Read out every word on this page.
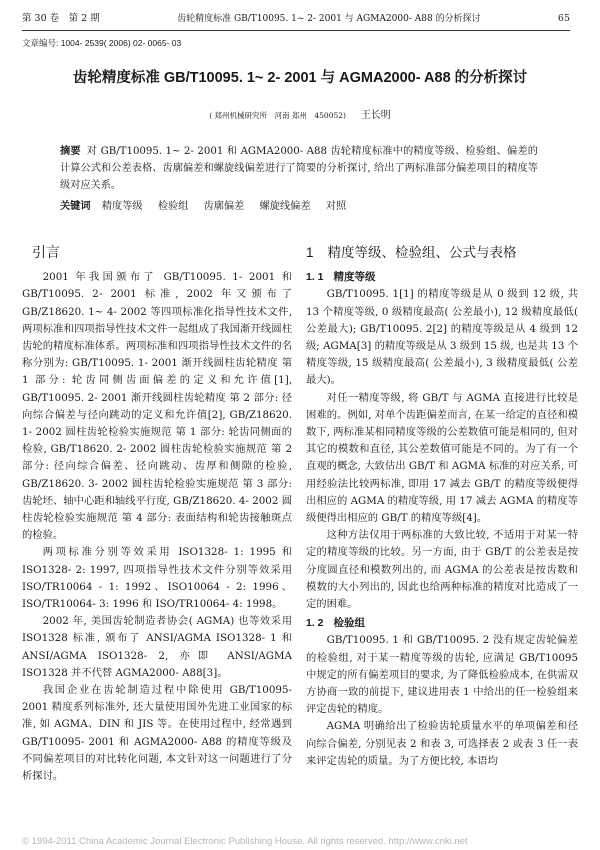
第 30 卷　第 2 期	齿轮精度标准 GB/T10095. 1~ 2- 2001 与 AGMA2000- A88 的分析探讨	65
文章编号: 1004- 2539( 2006) 02- 0065- 03
齿轮精度标准 GB/T10095. 1~ 2- 2001 与 AGMA2000- A88 的分析探讨
( 郑州机械研究所　河南 郑州　450052) 王长明
摘要 对 GB/T10095. 1~ 2- 2001 和 AGMA2000- A88 齿轮精度标准中的精度等级、检验组、偏差的计算公式和公差表格、齿廓偏差和螺旋线偏差进行了简要的分析探讨, 给出了两标准部分偏差项目的精度等级对应关系。
关键词 精度等级 检验组 齿廓偏差 螺旋线偏差 对照
引言

2001 年我国颁布了 GB/T10095. 1- 2001 和 GB/T10095. 2- 2001 标准, 2002 年又颁布了 GB/Z18620. 1~ 4- 2002 等四项标准化指导性技术文件, 两项标准和四项指导性技术文件一起组成了我国渐开线圆柱齿轮的精度标准体系。两项标准和四项指导性技术文件的名称分别为: GB/T10095. 1- 2001 渐开线圆柱齿轮精度 第 1 部分: 轮齿同侧齿面偏差的定义和允许值[1], GB/T10095. 2- 2001 渐开线圆柱齿轮精度 第 2 部分: 径向综合偏差与径向跳动的定义和允许值[2], GB/Z18620. 1- 2002 圆柱齿轮检验实施规范 第 1 部分: 轮齿同侧面的检验, GB/T18620. 2- 2002 圆柱齿轮检验实施规范 第 2 部分: 径向综合偏差、径向跳动、齿厚和侧隙的检验, GB/Z18620. 3- 2002 圆柱齿轮检验实施规范 第 3 部分: 齿轮坯、轴中心距和轴线平行度, GB/Z18620. 4- 2002 圆柱齿轮检验实施规范 第 4 部分: 表面结构和轮齿接触斑点的检验。

两项标准分别等效采用 ISO1328- 1: 1995 和 ISO1328- 2: 1997, 四项指导性技术文件分别等效采用 ISO/TR10064 - 1: 1992、ISO10064 - 2: 1996、ISO/TR10064- 3: 1996 和 ISO/TR10064- 4: 1998。

2002 年, 美国齿轮制造者协会( AGMA) 也等效采用 ISO1328 标准, 颁布了 ANSI/AGMA ISO1328- 1 和 ANSI/AGMA ISO1328- 2, 亦即 ANSI/AGMA ISO1328 并不代替 AGMA2000- A88[3]。

我国企业在齿轮制造过程中除使用 GB/T10095- 2001 精度系列标准外, 还大量使用国外先进工业国家的标准, 如 AGMA、DIN 和 JIS 等。在使用过程中, 经常遇到 GB/T10095- 2001 和 AGMA2000- A88 的精度等级及不同偏差项目的对比转化问题, 本文针对这一问题进行了分析探讨。

1 精度等级、检验组、公式与表格
1. 1 精度等级

GB/T10095. 1[1] 的精度等级是从 0 级到 12 级, 共 13 个精度等级, 0 级精度最高( 公差最小), 12 级精度最低( 公差最大); GB/T10095. 2[2] 的精度等级是从 4 级到 12 级; AGMA[3] 的精度等级是从 3 级到 15 级, 也是共 13 个精度等级, 15 级精度最高( 公差最小), 3 级精度最低( 公差最大)。

对任一精度等级, 将 GB/T 与 AGMA 直接进行比较是困难的。例如, 对单个齿距偏差而言, 在某一给定的直径和模数下, 两标准某相同精度等级的公差数值可能是相同的, 但对其它的模数和直径, 其公差数值可能是不同的。为了有一个直观的概念, 大致估出 GB/T 和 AGMA 标准的对应关系, 可用经验法比较两标准, 即用 17 减去 GB/T 的精度等级便得出相应的 AGMA 的精度等级, 用 17 减去 AGMA 的精度等级便得出相应的 GB/T 的精度等级[4]。

这种方法仅用于两标准的大致比较, 不适用于对某一特定的精度等级的比较。另一方面, 由于 GB/T 的公差表是按分度圆直径和模数列出的, 而 AGMA 的公差表是按齿数和模数的大小列出的, 因此也给两种标准的精度对比造成了一定的困难。

1. 2 检验组

GB/T10095. 1 和 GB/T10095. 2 没有规定齿轮偏差的检验组, 对于某一精度等级的齿轮, 应满足 GB/T10095 中规定的所有偏差项目的要求, 为了降低检验成本, 在供需双方协商一致的前提下, 建议进用表 1 中给出的任一检验组来评定齿轮的精度。

AGMA 明确给出了检验齿轮质量水平的单项偏差和径向综合偏差, 分别见表 2 和表 3, 可选择表 2 或表 3 任一表来评定齿轮的质量。为了方便比较, 本语均

© 1994-2011 China Academic Journal Electronic Publishing House. All rights reserved. http://www.cnki.net
